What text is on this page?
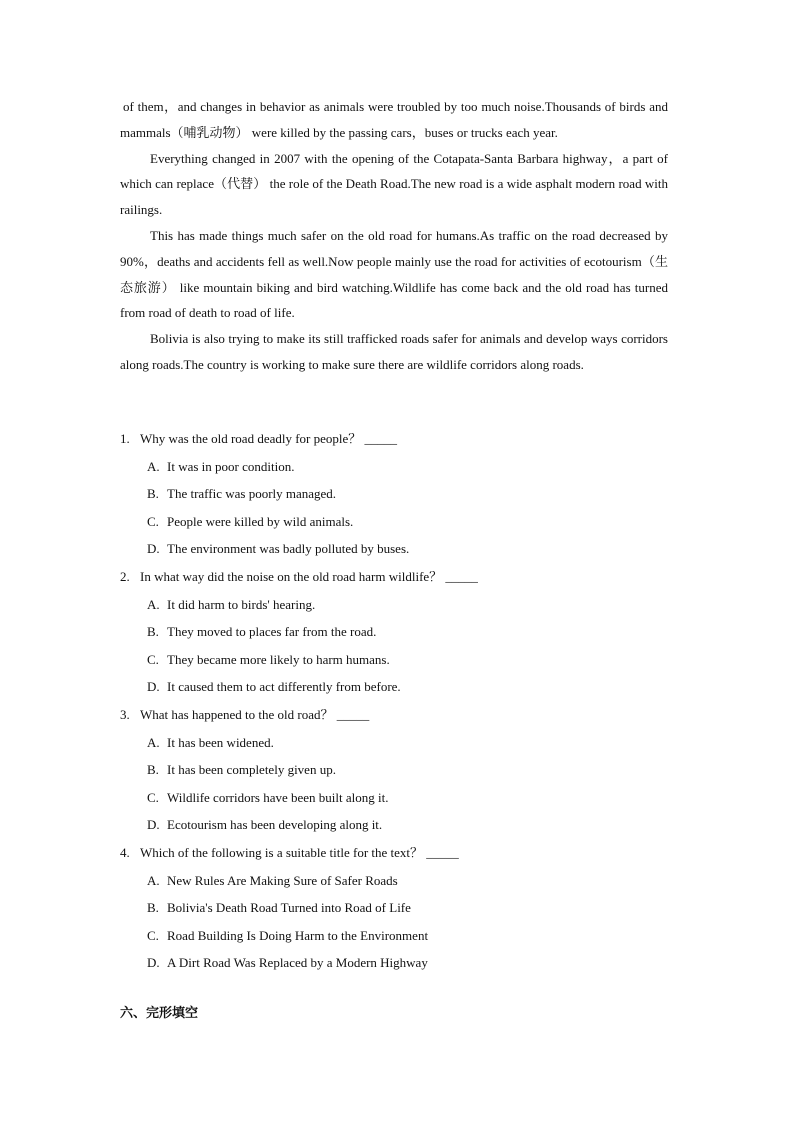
of them，and changes in behavior as animals were troubled by too much noise.Thousands of birds and mammals（哺乳动物） were killed by the passing cars，buses or trucks each year.

Everything changed in 2007 with the opening of the Cotapata-Santa Barbara highway，a part of which can replace（代替） the role of the Death Road.The new road is a wide asphalt modern road with railings.

This has made things much safer on the old road for humans.As traffic on the road decreased by 90%，deaths and accidents fell as well.Now people mainly use the road for activities of ecotourism（生态旅游） like mountain biking and bird watching.Wildlife has come back and the old road has turned from road of death to road of life.

Bolivia is also trying to make its still trafficked roads safer for animals and develop ways corridors along roads.The country is working to make sure there are wildlife corridors along roads.

1. Why was the old road deadly for people？ _____
A. It was in poor condition.
B. The traffic was poorly managed.
C. People were killed by wild animals.
D. The environment was badly polluted by buses.
2. In what way did the noise on the old road harm wildlife？ _____
A. It did harm to birds' hearing.
B. They moved to places far from the road.
C. They became more likely to harm humans.
D. It caused them to act differently from before.
3. What has happened to the old road？ _____
A. It has been widened.
B. It has been completely given up.
C. Wildlife corridors have been built along it.
D. Ecotourism has been developing along it.
4. Which of the following is a suitable title for the text？ _____
A. New Rules Are Making Sure of Safer Roads
B. Bolivia's Death Road Turned into Road of Life
C. Road Building Is Doing Harm to the Environment
D. A Dirt Road Was Replaced by a Modern Highway
六、完形填空
